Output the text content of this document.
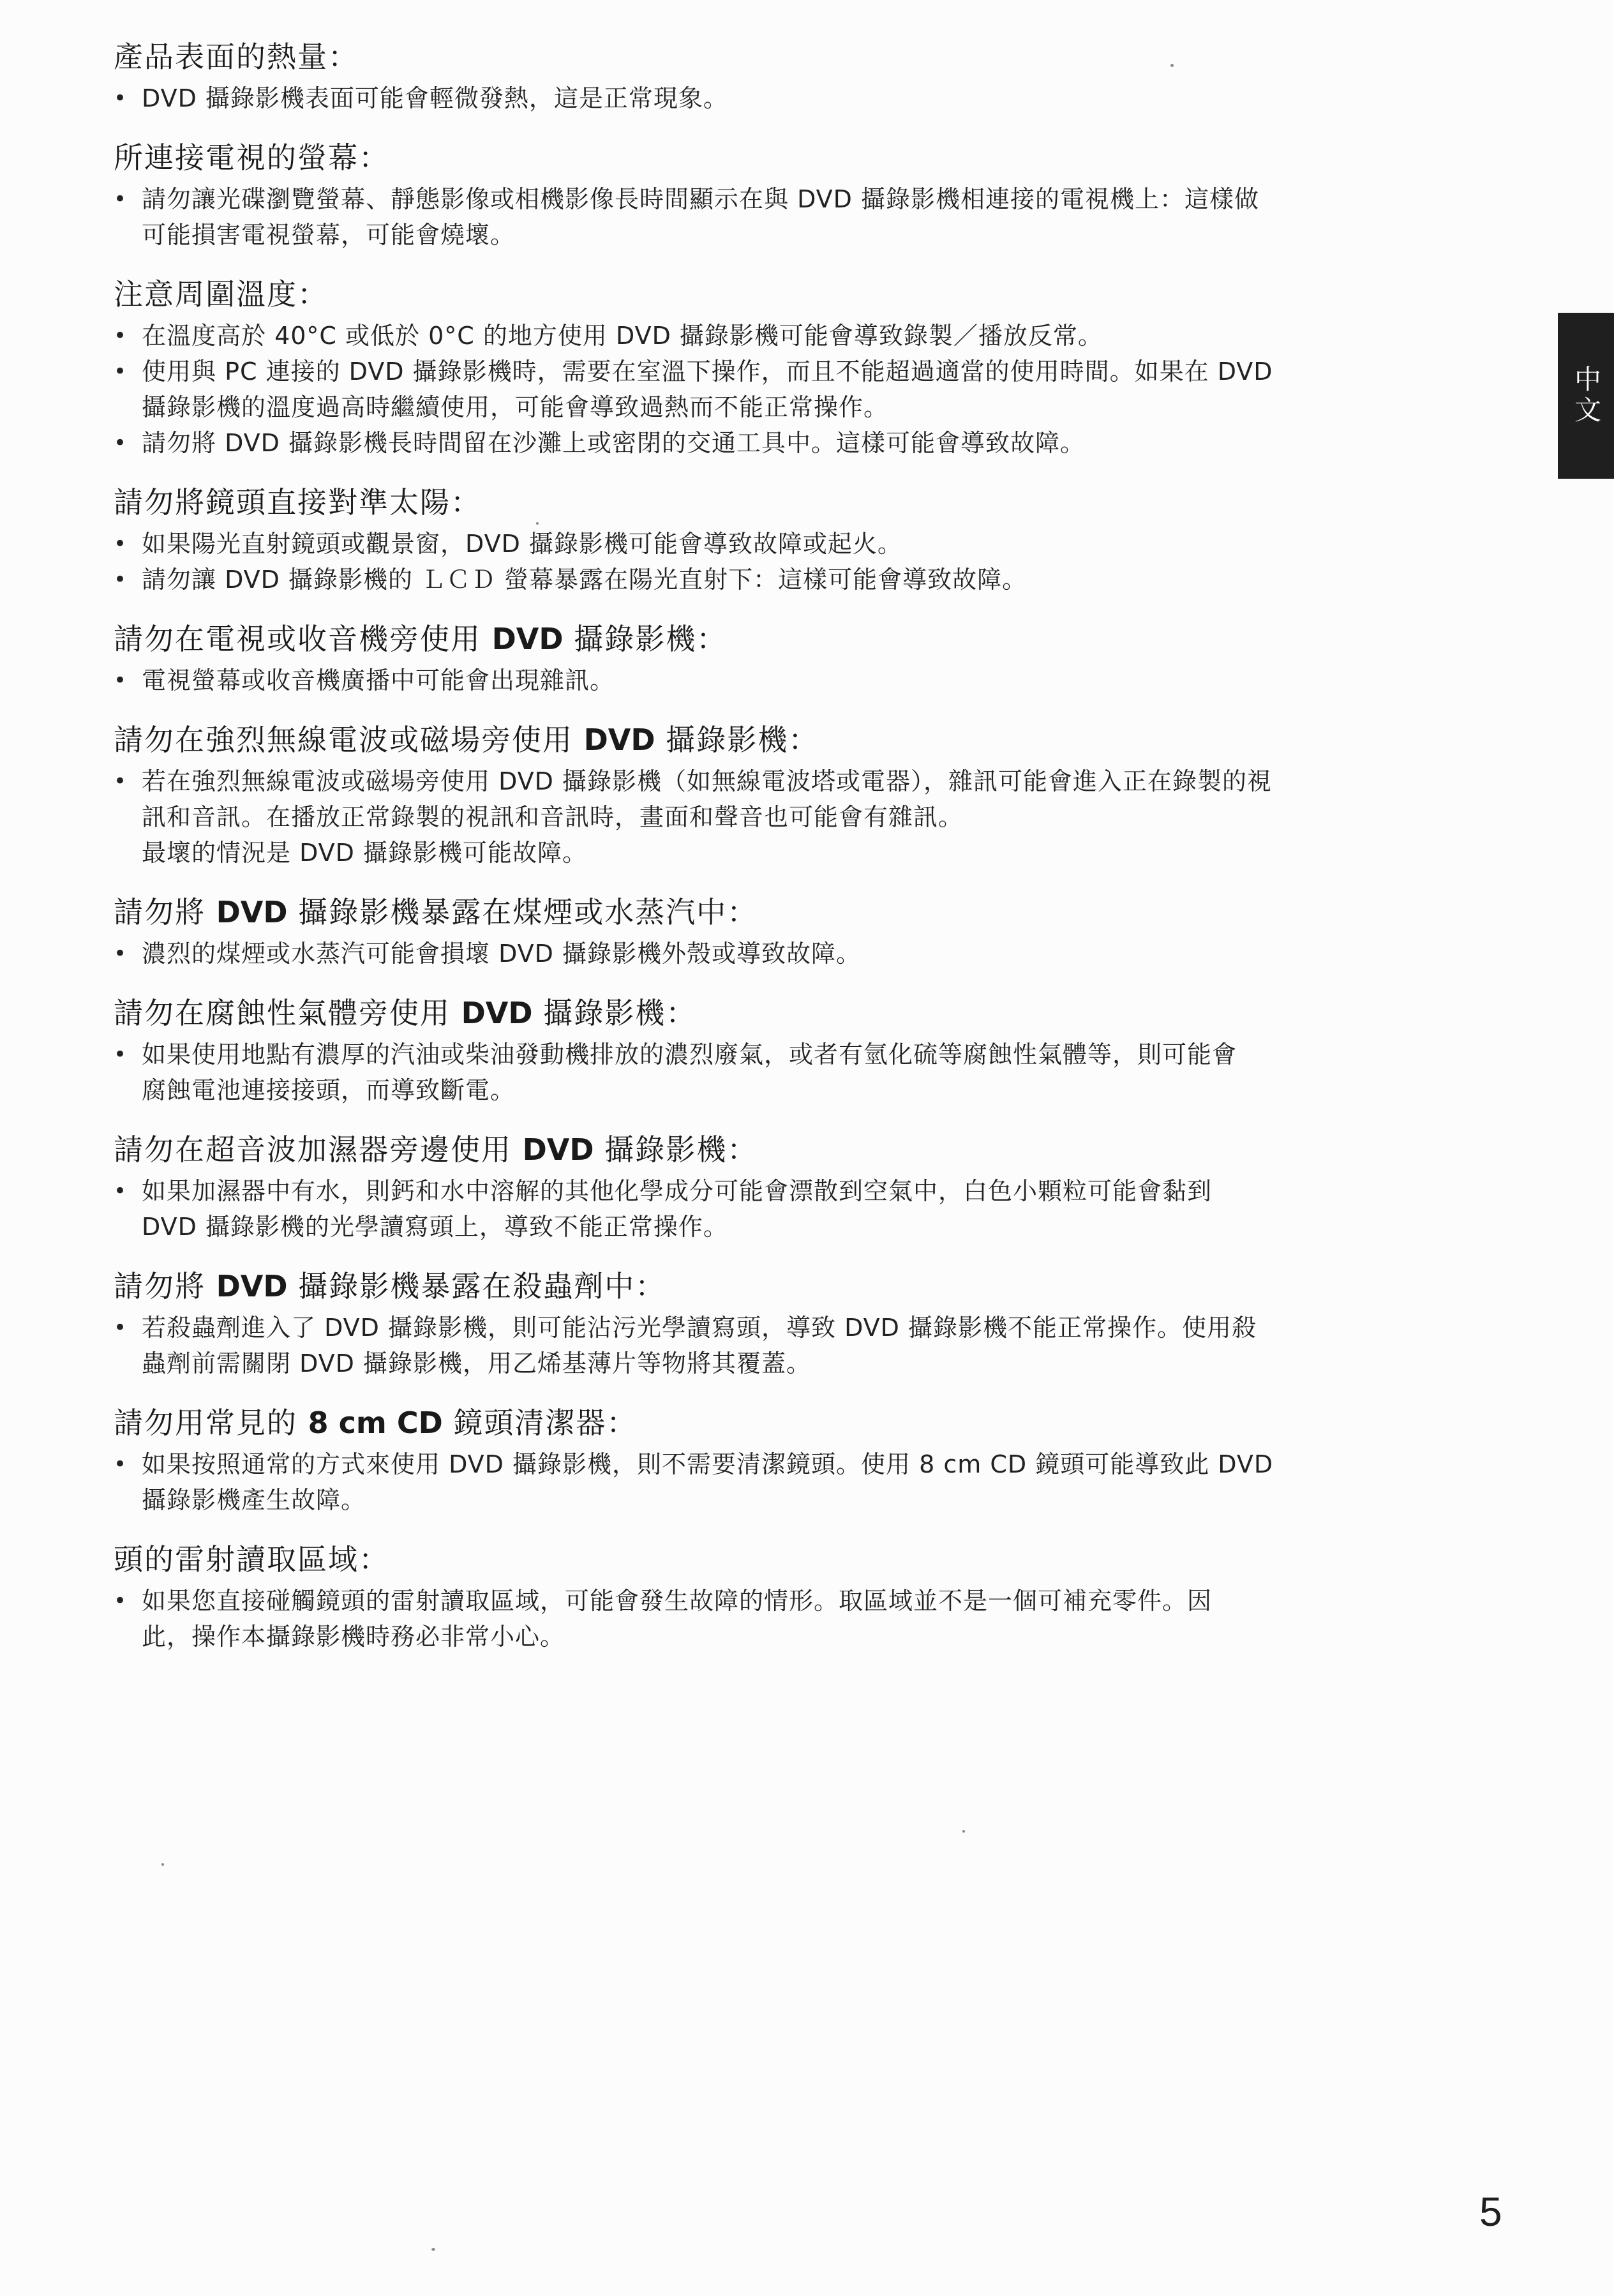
產品表面的熱量：
• DVD 攝錄影機表面可能會輕微發熱，這是正常現象。
所連接電視的螢幕：
• 請勿讓光碟瀏覽螢幕、靜態影像或相機影像長時間顯示在與 DVD 攝錄影機相連接的電視機上：這樣做
可能損害電視螢幕，可能會燒壞。
注意周圍溫度：
• 在溫度高於 40°C 或低於 0°C 的地方使用 DVD 攝錄影機可能會導致錄製／播放反常。
• 使用與 PC 連接的 DVD 攝錄影機時，需要在室溫下操作，而且不能超過適當的使用時間。如果在 DVD
攝錄影機的溫度過高時繼續使用，可能會導致過熱而不能正常操作。
• 請勿將 DVD 攝錄影機長時間留在沙灘上或密閉的交通工具中。這樣可能會導致故障。
請勿將鏡頭直接對準太陽：
• 如果陽光直射鏡頭或觀景窗，DVD 攝錄影機可能會導致故障或起火。
• 請勿讓 DVD 攝錄影機的 ＬＣＤ 螢幕暴露在陽光直射下：這樣可能會導致故障。
請勿在電視或收音機旁使用 DVD 攝錄影機：
• 電視螢幕或收音機廣播中可能會出現雜訊。
請勿在強烈無線電波或磁場旁使用 DVD 攝錄影機：
• 若在強烈無線電波或磁場旁使用 DVD 攝錄影機（如無線電波塔或電器），雜訊可能會進入正在錄製的視
訊和音訊。在播放正常錄製的視訊和音訊時，畫面和聲音也可能會有雜訊。
最壞的情況是 DVD 攝錄影機可能故障。
請勿將 DVD 攝錄影機暴露在煤煙或水蒸汽中：
• 濃烈的煤煙或水蒸汽可能會損壞 DVD 攝錄影機外殼或導致故障。
請勿在腐蝕性氣體旁使用 DVD 攝錄影機：
• 如果使用地點有濃厚的汽油或柴油發動機排放的濃烈廢氣，或者有氫化硫等腐蝕性氣體等，則可能會
腐蝕電池連接接頭，而導致斷電。
請勿在超音波加濕器旁邊使用 DVD 攝錄影機：
• 如果加濕器中有水，則鈣和水中溶解的其他化學成分可能會漂散到空氣中，白色小顆粒可能會黏到
DVD 攝錄影機的光學讀寫頭上，導致不能正常操作。
請勿將 DVD 攝錄影機暴露在殺蟲劑中：
• 若殺蟲劑進入了 DVD 攝錄影機，則可能沾污光學讀寫頭，導致 DVD 攝錄影機不能正常操作。使用殺
蟲劑前需關閉 DVD 攝錄影機，用乙烯基薄片等物將其覆蓋。
請勿用常見的 8 cm CD 鏡頭清潔器：
• 如果按照通常的方式來使用 DVD 攝錄影機，則不需要清潔鏡頭。使用 8 cm CD 鏡頭可能導致此 DVD
攝錄影機產生故障。
頭的雷射讀取區域：
• 如果您直接碰觸鏡頭的雷射讀取區域，可能會發生故障的情形。取區域並不是一個可補充零件。因
此，操作本攝錄影機時務必非常小心。
中文
5
